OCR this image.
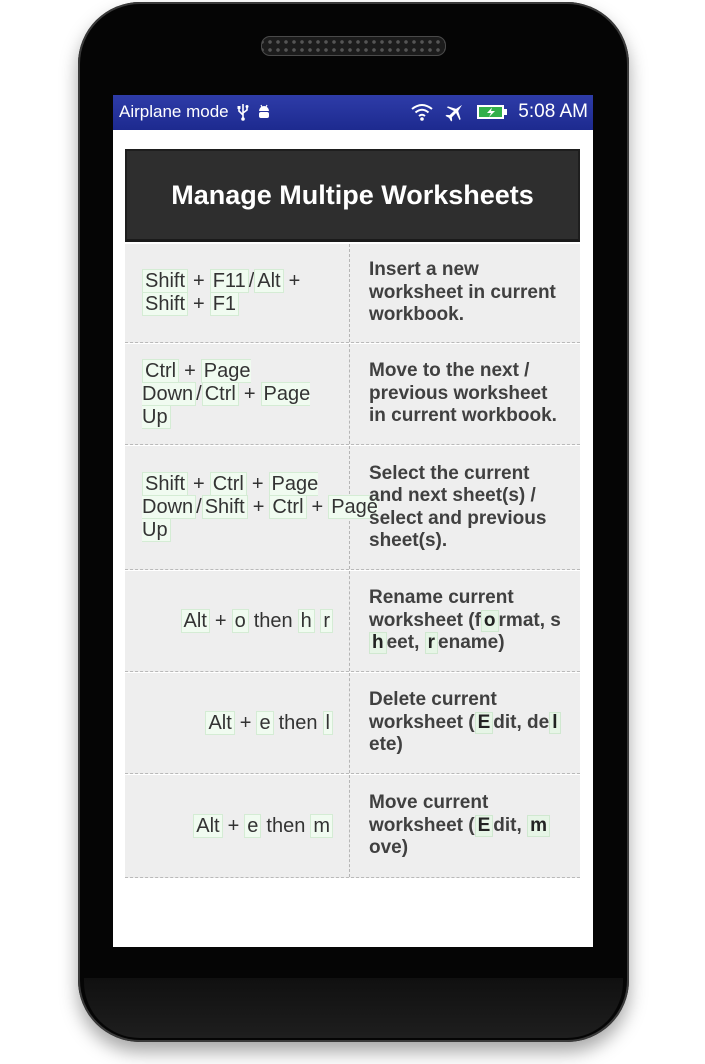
Airplane mode	5:08 AM
Manage Multipe Worksheets
Shift + F11 / Alt +
Shift + F1
Insert a new worksheet in current workbook.
Ctrl + Page Down / Ctrl + Page Up
Move to the next / previous worksheet in current workbook.
Shift + Ctrl + Page Down / Shift + Ctrl + Page Up
Select the current and next sheet(s) / select and previous sheet(s).
Alt + o then h r
Rename current worksheet (f o rmat, sh eet, r ename)
Alt + e then l
Delete current worksheet ( E dit, de lete)
Alt + e then m
Move current worksheet ( E dit, move)
